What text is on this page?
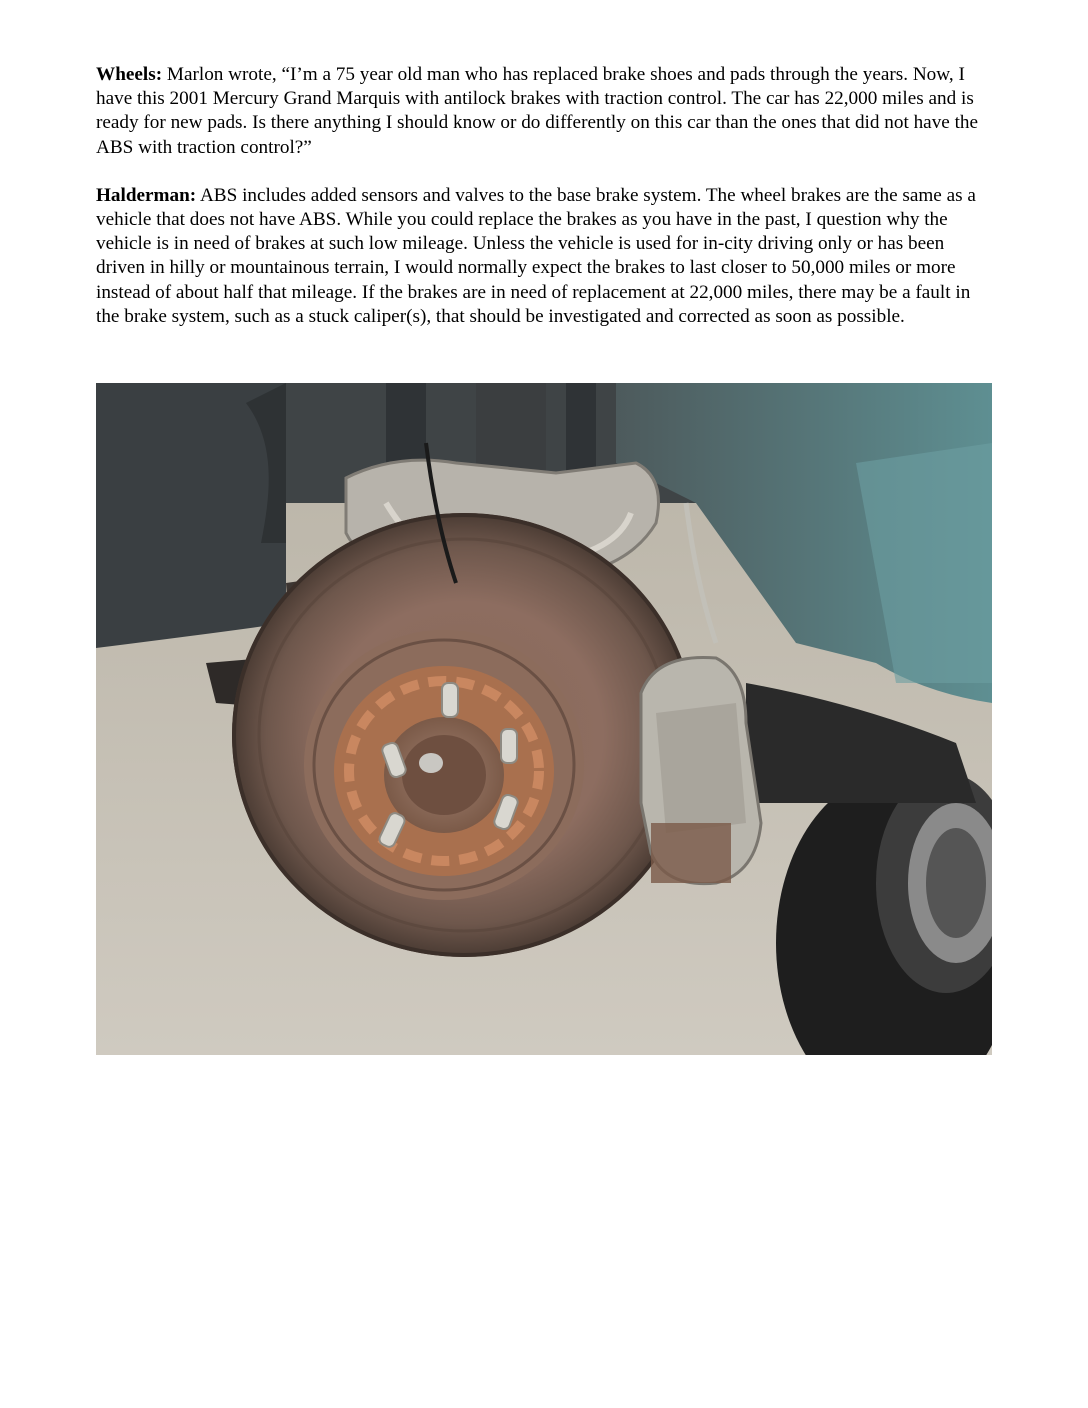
Wheels: Marlon wrote, “I’m a 75 year old man who has replaced brake shoes and pads through the years. Now, I have this 2001 Mercury Grand Marquis with antilock brakes with traction control. The car has 22,000 miles and is ready for new pads. Is there anything I should know or do differently on this car than the ones that did not have the ABS with traction control?”

Halderman: ABS includes added sensors and valves to the base brake system. The wheel brakes are the same as a vehicle that does not have ABS. While you could replace the brakes as you have in the past, I question why the vehicle is in need of brakes at such low mileage. Unless the vehicle is used for in-city driving only or has been driven in hilly or mountainous terrain, I would normally expect the brakes to last closer to 50,000 miles or more instead of about half that mileage. If the brakes are in need of replacement at 22,000 miles, there may be a fault in the brake system, such as a stuck caliper(s), that should be investigated and corrected as soon as possible.
